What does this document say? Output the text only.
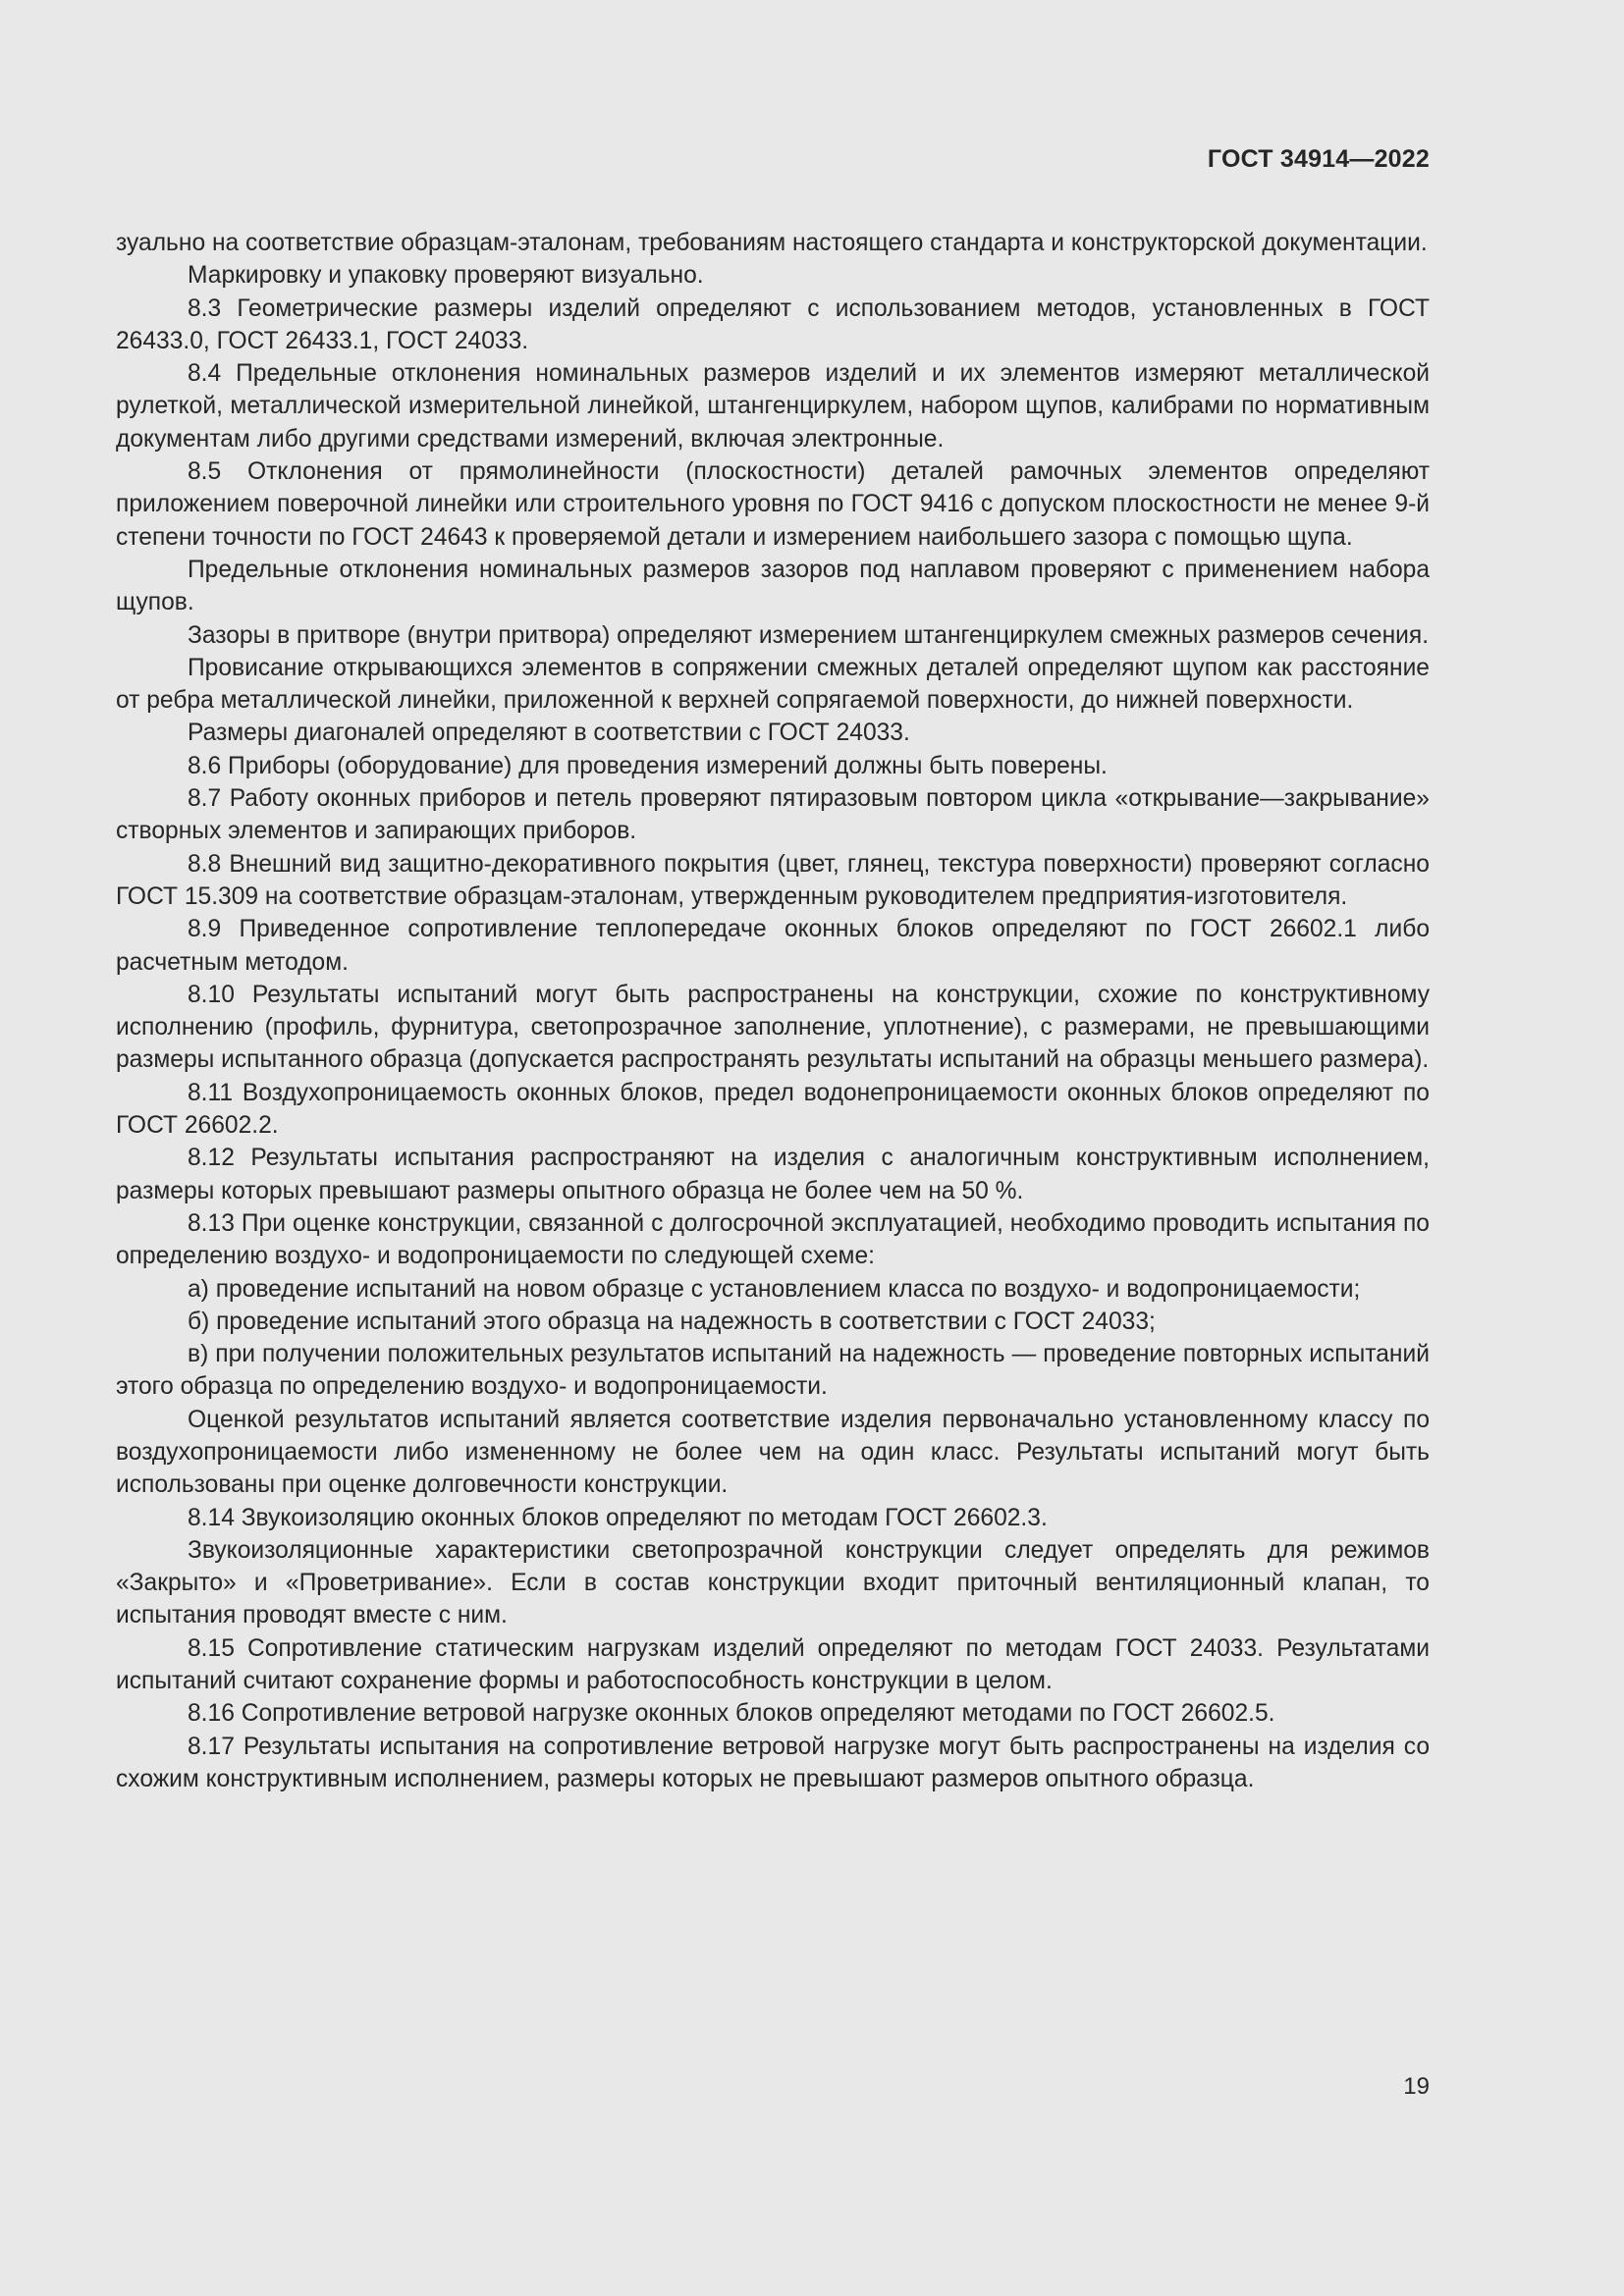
ГОСТ 34914—2022

зуально на соответствие образцам-эталонам, требованиям настоящего стандарта и конструкторской документации.

Маркировку и упаковку проверяют визуально.

8.3 Геометрические размеры изделий определяют с использованием методов, установленных в ГОСТ 26433.0, ГОСТ 26433.1, ГОСТ 24033.

8.4 Предельные отклонения номинальных размеров изделий и их элементов измеряют металлической рулеткой, металлической измерительной линейкой, штангенциркулем, набором щупов, калибрами по нормативным документам либо другими средствами измерений, включая электронные.

8.5 Отклонения от прямолинейности (плоскостности) деталей рамочных элементов определяют приложением поверочной линейки или строительного уровня по ГОСТ 9416 с допуском плоскостности не менее 9-й степени точности по ГОСТ 24643 к проверяемой детали и измерением наибольшего зазора с помощью щупа.

Предельные отклонения номинальных размеров зазоров под наплавом проверяют с применением набора щупов.

Зазоры в притворе (внутри притвора) определяют измерением штангенциркулем смежных размеров сечения.

Провисание открывающихся элементов в сопряжении смежных деталей определяют щупом как расстояние от ребра металлической линейки, приложенной к верхней сопрягаемой поверхности, до нижней поверхности.

Размеры диагоналей определяют в соответствии с ГОСТ 24033.

8.6 Приборы (оборудование) для проведения измерений должны быть поверены.

8.7 Работу оконных приборов и петель проверяют пятиразовым повтором цикла «открывание—закрывание» створных элементов и запирающих приборов.

8.8 Внешний вид защитно-декоративного покрытия (цвет, глянец, текстура поверхности) проверяют согласно ГОСТ 15.309 на соответствие образцам-эталонам, утвержденным руководителем предприятия-изготовителя.

8.9 Приведенное сопротивление теплопередаче оконных блоков определяют по ГОСТ 26602.1 либо расчетным методом.

8.10 Результаты испытаний могут быть распространены на конструкции, схожие по конструктивному исполнению (профиль, фурнитура, светопрозрачное заполнение, уплотнение), с размерами, не превышающими размеры испытанного образца (допускается распространять результаты испытаний на образцы меньшего размера).

8.11 Воздухопроницаемость оконных блоков, предел водонепроницаемости оконных блоков определяют по ГОСТ 26602.2.

8.12 Результаты испытания распространяют на изделия с аналогичным конструктивным исполнением, размеры которых превышают размеры опытного образца не более чем на 50 %.

8.13 При оценке конструкции, связанной с долгосрочной эксплуатацией, необходимо проводить испытания по определению воздухо- и водопроницаемости по следующей схеме:

а) проведение испытаний на новом образце с установлением класса по воздухо- и водопроницаемости;

б) проведение испытаний этого образца на надежность в соответствии с ГОСТ 24033;

в) при получении положительных результатов испытаний на надежность — проведение повторных испытаний этого образца по определению воздухо- и водопроницаемости.

Оценкой результатов испытаний является соответствие изделия первоначально установленному классу по воздухопроницаемости либо измененному не более чем на один класс. Результаты испытаний могут быть использованы при оценке долговечности конструкции.

8.14 Звукоизоляцию оконных блоков определяют по методам ГОСТ 26602.3.

Звукоизоляционные характеристики светопрозрачной конструкции следует определять для режимов «Закрыто» и «Проветривание». Если в состав конструкции входит приточный вентиляционный клапан, то испытания проводят вместе с ним.

8.15 Сопротивление статическим нагрузкам изделий определяют по методам ГОСТ 24033. Результатами испытаний считают сохранение формы и работоспособность конструкции в целом.

8.16 Сопротивление ветровой нагрузке оконных блоков определяют методами по ГОСТ 26602.5.

8.17 Результаты испытания на сопротивление ветровой нагрузке могут быть распространены на изделия со схожим конструктивным исполнением, размеры которых не превышают размеров опытного образца.

19
